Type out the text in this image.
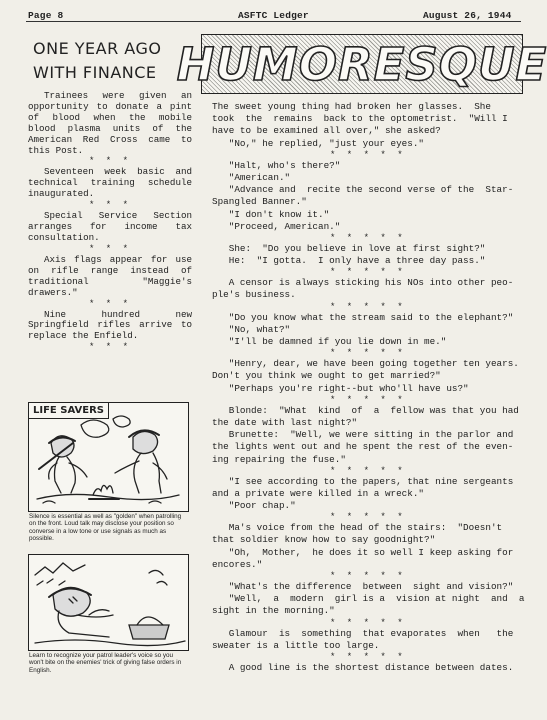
Page 8	ASFTC Ledger	August 26, 1944
ONE YEAR AGO
WITH FINANCE

Trainees were given an opportunity to donate a pint of blood when the mobile blood plasma units of the American Red Cross came to this Post.

* * *

Seventeen week basic and technical training schedule inaugurated.

* * *

Special Service Section arranges for income tax consultation.

* * *

Axis flags appear for use on rifle range instead of traditional "Maggie's drawers."

* * *

Nine hundred new Springfield rifles arrive to replace the Enfield.

* * *
LIFE SAVERS
Silence is essential as well as "golden" when patrolling on the front. Loud talk may disclose your position so converse in a low tone or use signals as much as possible.
Learn to recognize your patrol leader's voice so you won't bite on the enemies' trick of giving false orders in English.
HUMORESQUE
The sweet young thing had broken her glasses.  She
took  the  remains  back to the optometrist.  "Will I
have to be examined all over," she asked?
"No," he replied, "just your eyes."
* * * * *
"Halt, who's there?"
"American."
"Advance and  recite the second verse of the  Star-
Spangled Banner."
"I don't know it."
"Proceed, American."
* * * * *
She:  "Do you believe in love at first sight?"
He:  "I gotta.  I only have a three day pass."
* * * * *
A censor is always sticking his NOs into other peo-
ple's business.
* * * * *
"Do you know what the stream said to the elephant?"
"No, what?"
"I'll be damned if you lie down in me."
* * * * *
"Henry, dear, we have been going together ten years.
Don't you think we ought to get married?"
"Perhaps you're right--but who'll have us?"
* * * * *
Blonde:  "What  kind  of  a  fellow was that you had
the date with last night?"
Brunette:  "Well, we were sitting in the parlor and
the lights went out and he spent the rest of the even-
ing repairing the fuse."
* * * * *
"I see according to the papers, that nine sergeants
and a private were killed in a wreck."
"Poor chap."
* * * * *
Ma's voice from the head of the stairs:  "Doesn't
that soldier know how to say goodnight?"
"Oh,  Mother,  he does it so well I keep asking for
encores."
* * * * *
"What's the difference  between  sight and vision?"
"Well,  a  modern  girl is a  vision at night  and  a
sight in the morning."
* * * * *
Glamour  is  something  that evaporates  when   the
sweater is a little too large.
* * * * *
A good line is the shortest distance between dates.
